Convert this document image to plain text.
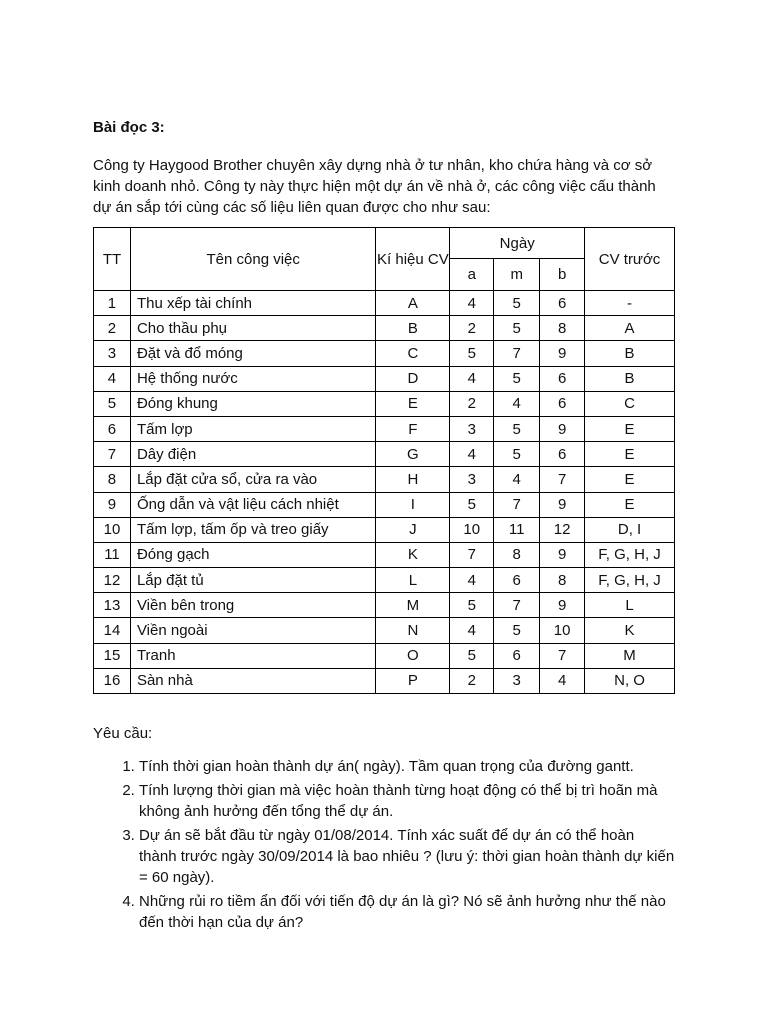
Bài đọc 3:

Công ty Haygood Brother chuyên xây dựng nhà ở tư nhân, kho chứa hàng và cơ sở kinh doanh nhỏ. Công ty này thực hiện một dự án về nhà ở, các công việc cấu thành dự án sắp tới cùng các số liệu liên quan được cho như sau:

TT	Tên công việc	Kí hiệu CV	Ngày			CV trước
			a	m	b	
1	Thu xếp tài chính	A	4	5	6	-
2	Cho thầu phụ	B	2	5	8	A
3	Đặt và đổ móng	C	5	7	9	B
4	Hệ thống nước	D	4	5	6	B
5	Đóng khung	E	2	4	6	C
6	Tấm lợp	F	3	5	9	E
7	Dây điện	G	4	5	6	E
8	Lắp đặt cửa sổ, cửa ra vào	H	3	4	7	E
9	Ống dẫn và vật liệu cách nhiệt	I	5	7	9	E
10	Tấm lợp, tấm ốp và treo giấy	J	10	11	12	D, I
11	Đóng gạch	K	7	8	9	F, G, H, J
12	Lắp đặt tủ	L	4	6	8	F, G, H, J
13	Viền bên trong	M	5	7	9	L
14	Viền ngoài	N	4	5	10	K
15	Tranh	O	5	6	7	M
16	Sàn nhà	P	2	3	4	N, O
Yêu cầu:
1. Tính thời gian hoàn thành dự án( ngày). Tầm quan trọng của đường gantt.
2. Tính lượng thời gian mà việc hoàn thành từng hoạt động có thể bị trì hoãn mà không ảnh hưởng đến tổng thể dự án.
3. Dự án sẽ bắt đầu từ ngày 01/08/2014. Tính xác suất để dự án có thể hoàn thành trước ngày 30/09/2014 là bao nhiêu ? (lưu ý: thời gian hoàn thành dự kiến = 60 ngày).
4. Những rủi ro tiềm ẩn đối với tiến độ dự án là gì? Nó sẽ ảnh hưởng như thế nào đến thời hạn của dự án?
